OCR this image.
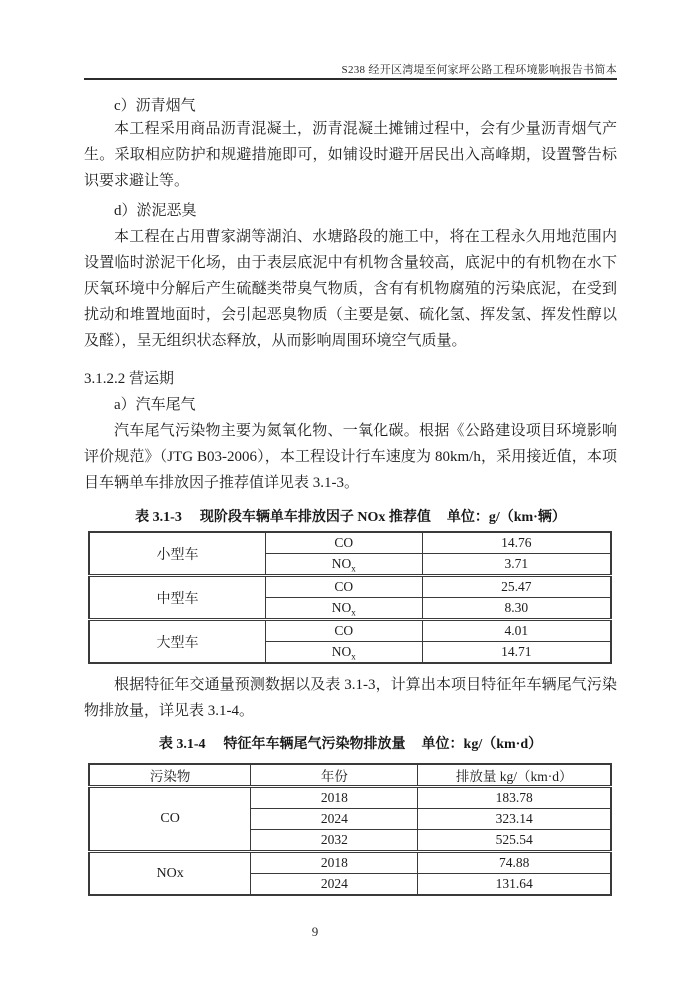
S238 经开区湾堤至何家坪公路工程环境影响报告书简本
c）沥青烟气
本工程采用商品沥青混凝土，沥青混凝土摊铺过程中，会有少量沥青烟气产生。采取相应防护和规避措施即可，如铺设时避开居民出入高峰期，设置警告标识要求避让等。
d）淤泥恶臭
本工程在占用曹家湖等湖泊、水塘路段的施工中，将在工程永久用地范围内设置临时淤泥干化场，由于表层底泥中有机物含量较高，底泥中的有机物在水下厌氧环境中分解后产生硫醚类带臭气物质，含有有机物腐殖的污染底泥，在受到扰动和堆置地面时，会引起恶臭物质（主要是氨、硫化氢、挥发氢、挥发性醇以及醛），呈无组织状态释放，从而影响周围环境空气质量。
3.1.2.2 营运期
a）汽车尾气
汽车尾气污染物主要为氮氧化物、一氧化碳。根据《公路建设项目环境影响评价规范》（JTG B03-2006），本工程设计行车速度为 80km/h，采用接近值，本项目车辆单车排放因子推荐值详见表 3.1-3。
表 3.1-3 现阶段车辆单车排放因子 NOx 推荐值 单位：g/（km·辆）
小型车	CO	14.76
	$NO_x$	3.71
中型车	CO	25.47
	$NO_x$	8.30
大型车	CO	4.01
	$NO_x$	14.71
根据特征年交通量预测数据以及表 3.1-3，计算出本项目特征年车辆尾气污染物排放量，详见表 3.1-4。
表 3.1-4 特征年车辆尾气污染物排放量 单位：kg/（km·d）
污染物	年份	排放量 kg/（km·d）
CO	2018	183.78
	2024	323.14
	2032	525.54
NOx	2018	74.88
	2024	131.64
9
